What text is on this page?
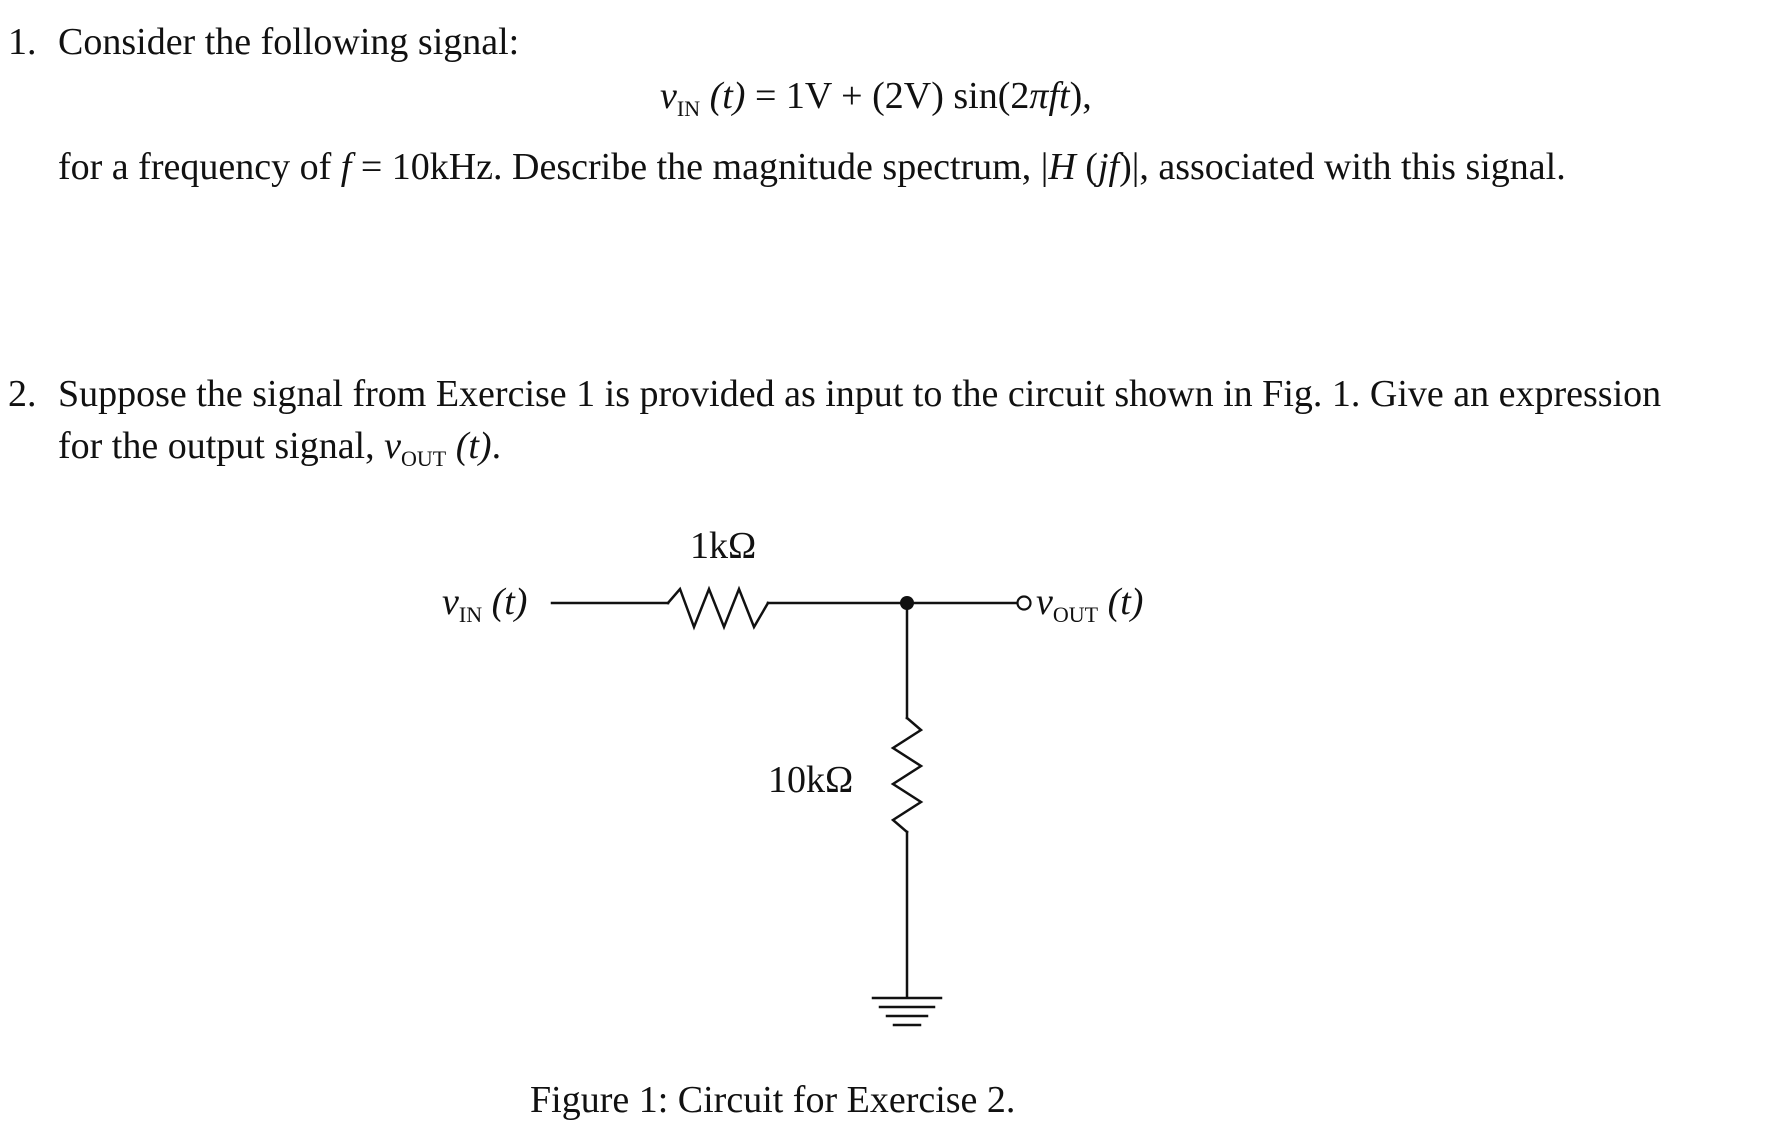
1. Consider the following signal:
$v_{IN}$ (t) = 1V + (2V) sin(2πft),
for a frequency of f = 10kHz. Describe the magnitude spectrum, |H (jf)|, associated with this signal.
2. Suppose the signal from Exercise 1 is provided as input to the circuit shown in Fig. 1. Give an expression
for the output signal, $v_{OUT}$ (t).
$v_{IN}$ (t)	$v_{OUT}$ (t)
1kΩ
10kΩ
Figure 1: Circuit for Exercise 2.
